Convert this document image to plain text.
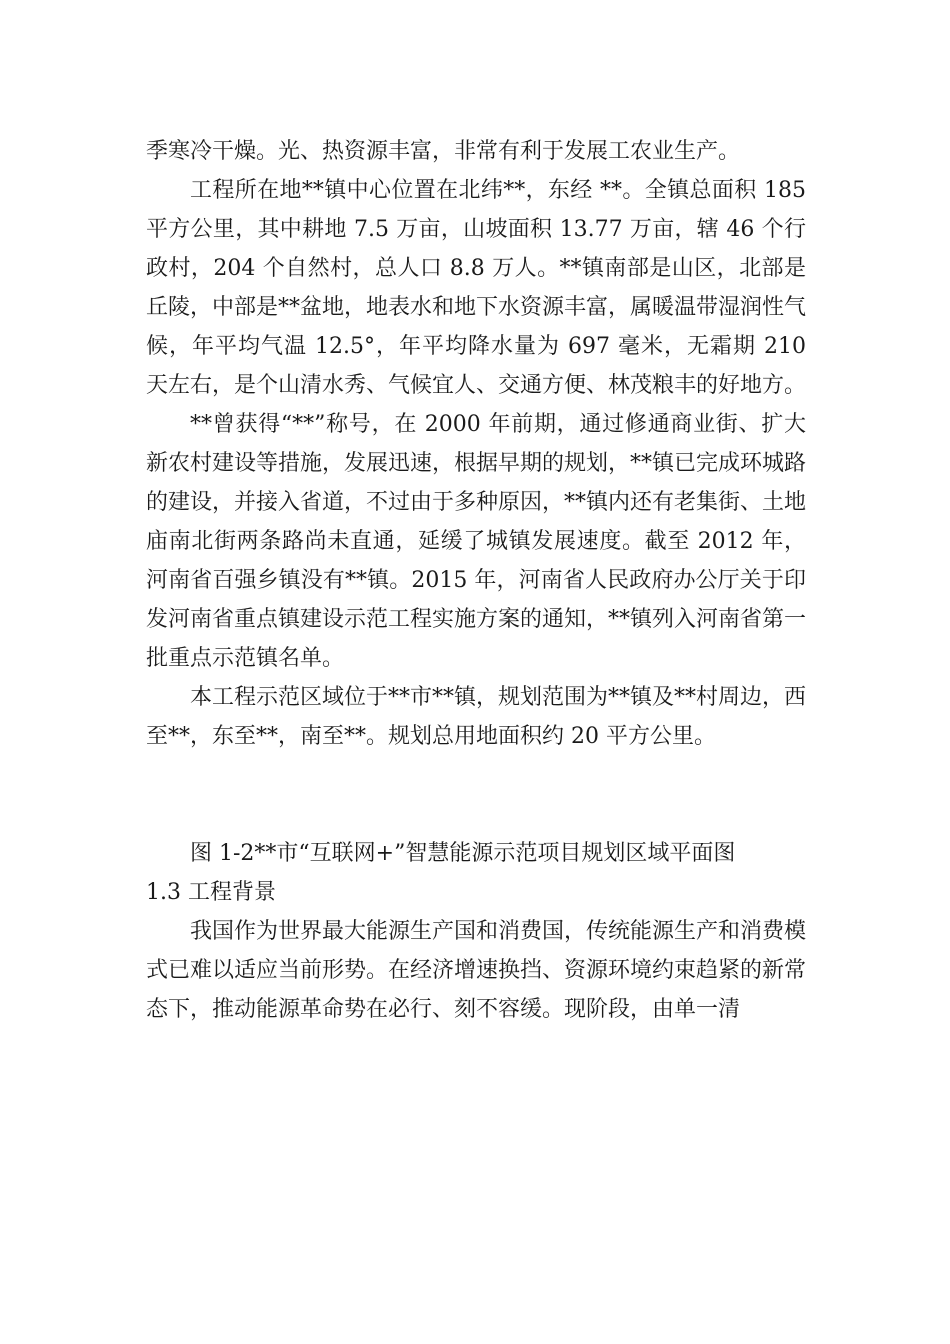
季寒冷干燥。光、热资源丰富，非常有利于发展工农业生产。

工程所在地**镇中心位置在北纬**，东经 **。全镇总面积 185 平方公里，其中耕地 7.5 万亩，山坡面积 13.77 万亩，辖 46 个行政村，204 个自然村，总人口 8.8 万人。**镇南部是山区，北部是丘陵，中部是**盆地，地表水和地下水资源丰富，属暖温带湿润性气候，年平均气温 12.5°，年平均降水量为 697 毫米，无霜期 210 天左右，是个山清水秀、气候宜人、交通方便、林茂粮丰的好地方。

**曾获得“**”称号，在 2000 年前期，通过修通商业街、扩大新农村建设等措施，发展迅速，根据早期的规划，**镇已完成环城路的建设，并接入省道，不过由于多种原因，**镇内还有老集街、土地庙南北街两条路尚未直通，延缓了城镇发展速度。截至 2012 年，河南省百强乡镇没有**镇。2015 年，河南省人民政府办公厅关于印发河南省重点镇建设示范工程实施方案的通知，**镇列入河南省第一批重点示范镇名单。

本工程示范区域位于**市**镇，规划范围为**镇及**村周边，西至**，东至**，南至**。规划总用地面积约 20 平方公里。

图 1-2**市“互联网+”智慧能源示范项目规划区域平面图

1.3 工程背景

我国作为世界最大能源生产国和消费国，传统能源生产和消费模式已难以适应当前形势。在经济增速换挡、资源环境约束趋紧的新常态下，推动能源革命势在必行、刻不容缓。现阶段，由单一清
